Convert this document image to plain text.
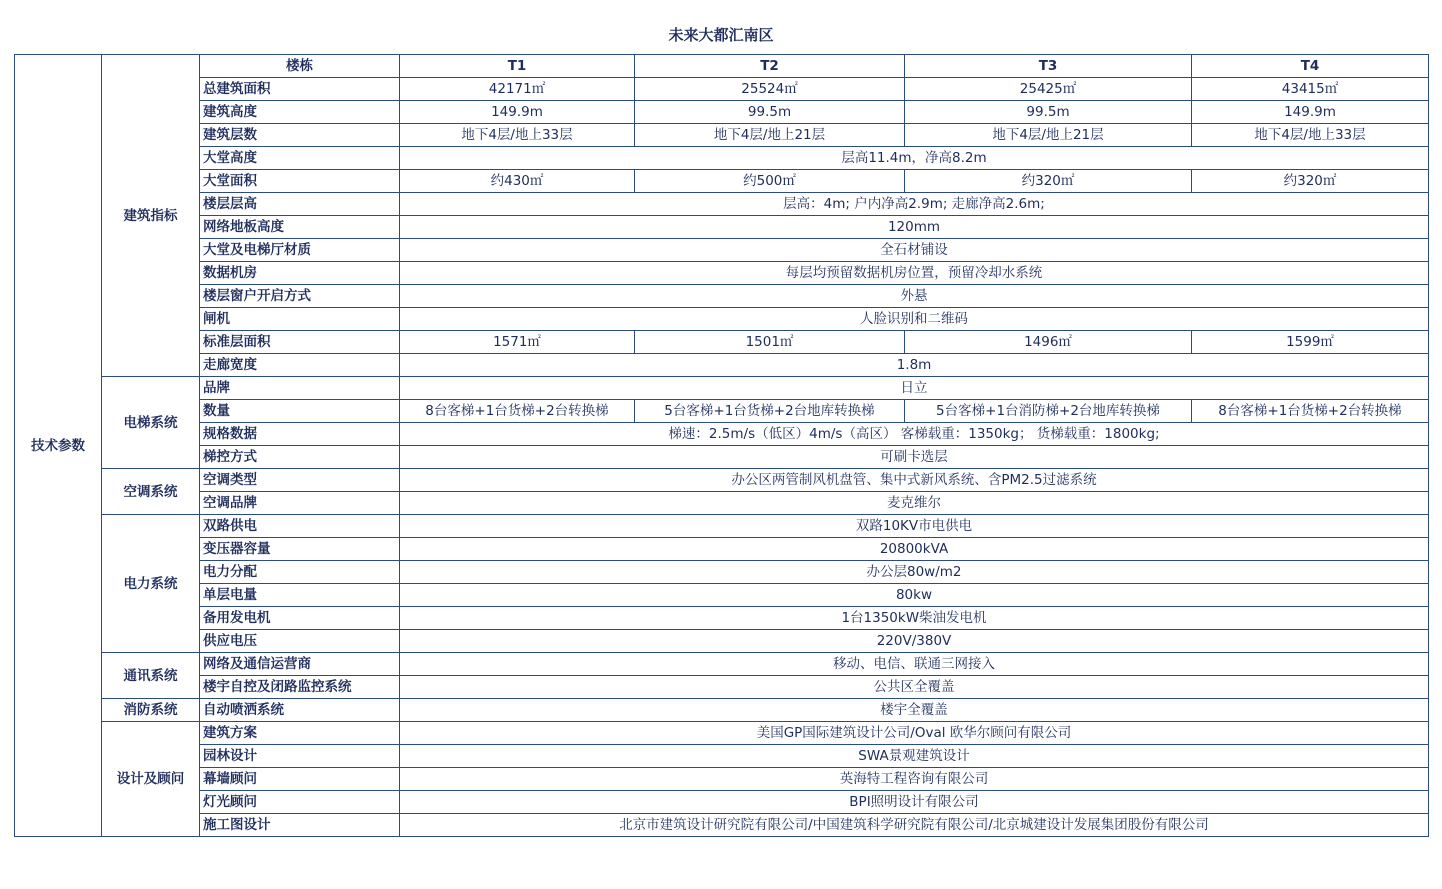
未来大都汇南区
技术参数	建筑指标	楼栋	T1	T2	T3	T4
		总建筑面积	42171㎡	25524㎡	25425㎡	43415㎡
		建筑高度	149.9m	99.5m	99.5m	149.9m
		建筑层数	地下4层/地上33层	地下4层/地上21层	地下4层/地上21层	地下4层/地上33层
		大堂高度	层高11.4m，净高8.2m			
		大堂面积	约430㎡	约500㎡	约320㎡	约320㎡
		楼层层高	层高：4m; 户内净高2.9m; 走廊净高2.6m;			
		网络地板高度	120mm			
		大堂及电梯厅材质	全石材铺设			
		数据机房	每层均预留数据机房位置，预留冷却水系统			
		楼层窗户开启方式	外悬			
		闸机	人脸识别和二维码			
		标准层面积	1571㎡	1501㎡	1496㎡	1599㎡
		走廊宽度	1.8m			
	电梯系统	品牌	日立			
		数量	8台客梯+1台货梯+2台转换梯	5台客梯+1台货梯+2台地库转换梯	5台客梯+1台消防梯+2台地库转换梯	8台客梯+1台货梯+2台转换梯
		规格数据	梯速：2.5m/s（低区）4m/s（高区） 客梯载重：1350kg； 货梯载重：1800kg;			
		梯控方式	可刷卡选层			
	空调系统	空调类型	办公区两管制风机盘管、集中式新风系统、含PM2.5过滤系统			
		空调品牌	麦克维尔			
	电力系统	双路供电	双路10KV市电供电			
		变压器容量	20800kVA			
		电力分配	办公层80w/m2			
		单层电量	80kw			
		备用发电机	1台1350kW柴油发电机			
		供应电压	220V/380V			
	通讯系统	网络及通信运营商	移动、电信、联通三网接入			
		楼宇自控及闭路监控系统	公共区全覆盖			
	消防系统	自动喷洒系统	楼宇全覆盖			
	设计及顾问	建筑方案	美国GP国际建筑设计公司/Oval 欧华尔顾问有限公司			
		园林设计	SWA景观建筑设计			
		幕墙顾问	英海特工程咨询有限公司			
		灯光顾问	BPI照明设计有限公司			
		施工图设计	北京市建筑设计研究院有限公司/中国建筑科学研究院有限公司/北京城建设计发展集团股份有限公司			
